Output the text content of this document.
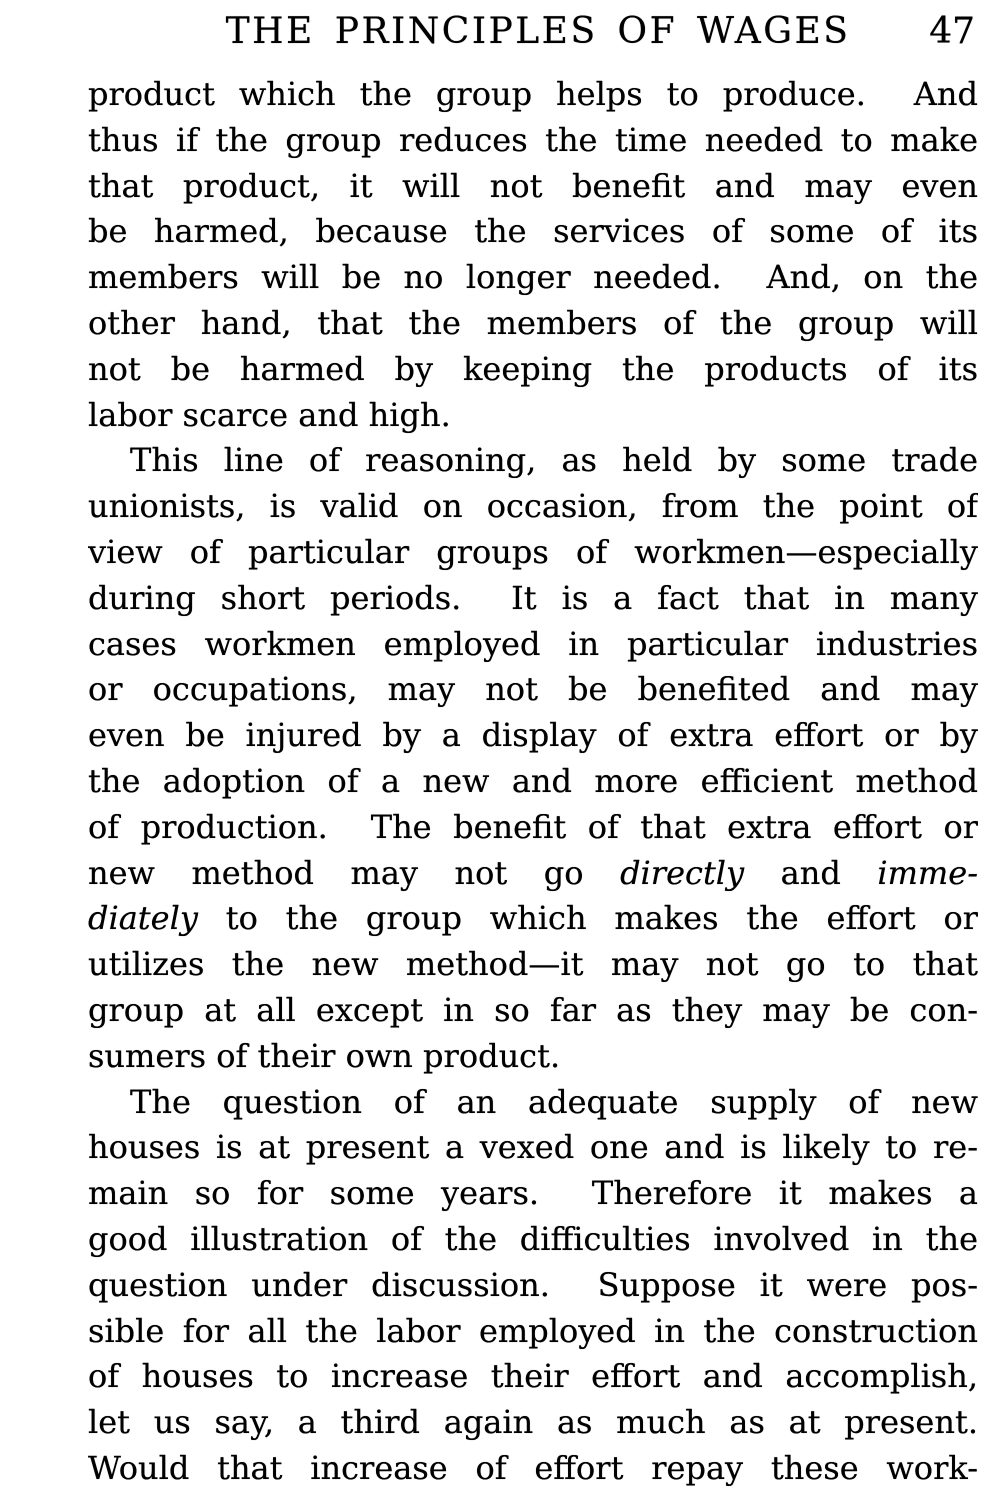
THE PRINCIPLES OF WAGES 47
product which the group helps to produce.  And
thus if the group reduces the time needed to make
that product, it will not benefit and may even
be harmed, because the services of some of its
members will be no longer needed.  And, on the
other hand, that the members of the group will
not be harmed by keeping the products of its
labor scarce and high.
This line of reasoning, as held by some trade
unionists, is valid on occasion, from the point of
view of particular groups of workmen—especially
during short periods.  It is a fact that in many
cases workmen employed in particular industries
or occupations, may not be benefited and may
even be injured by a display of extra effort or by
the adoption of a new and more efficient method
of production.  The benefit of that extra effort or
new method may not go directly and imme-
diately to the group which makes the effort or
utilizes the new method—it may not go to that
group at all except in so far as they may be con-
sumers of their own product.
The question of an adequate supply of new
houses is at present a vexed one and is likely to re-
main so for some years.  Therefore it makes a
good illustration of the difficulties involved in the
question under discussion.  Suppose it were pos-
sible for all the labor employed in the construction
of houses to increase their effort and accomplish,
let us say, a third again as much as at present.
Would that increase of effort repay these work-
